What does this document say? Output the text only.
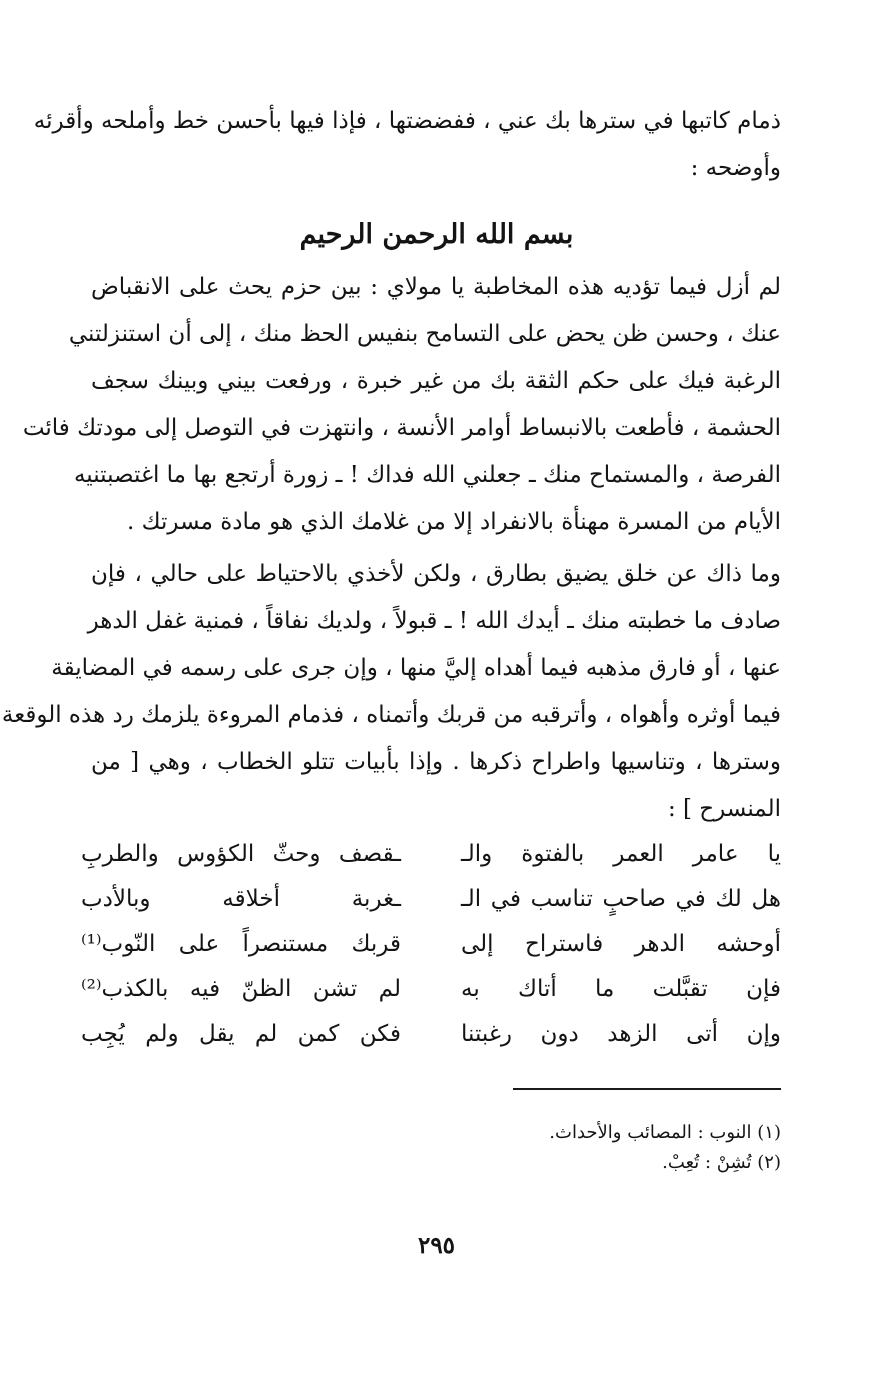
ذمام كاتبها في سترها بك عني ، ففضضتها ، فإذا فيها بأحسن خط وأملحه وأقرئه
وأوضحه :
بسم الله الرحمن الرحيم
لم أزل فيما تؤديه هذه المخاطبة يا مولاي : بين حزم يحث على الانقباض
عنك ، وحسن ظن يحض على التسامح بنفيس الحظ منك ، إلى أن استنزلتني
الرغبة فيك على حكم الثقة بك من غير خبرة ، ورفعت بيني وبينك سجف
الحشمة ، فأطعت بالانبساط أوامر الأنسة ، وانتهزت في التوصل إلى مودتك فائت
الفرصة ، والمستماح منك ـ جعلني الله فداك ! ـ زورة أرتجع بها ما اغتصبتنيه
الأيام من المسرة مهنأة بالانفراد إلا من غلامك الذي هو مادة مسرتك .
وما ذاك عن خلق يضيق بطارق ، ولكن لأخذي بالاحتياط على حالي ، فإن
صادف ما خطبته منك ـ أيدك الله ! ـ قبولاً ، ولديك نفاقاً ، فمنية غفل الدهر
عنها ، أو فارق مذهبه فيما أهداه إليَّ منها ، وإن جرى على رسمه في المضايقة
فيما أوثره وأهواه ، وأترقبه من قربك وأتمناه ، فذمام المروءة يلزمك رد هذه الوقعة
وسترها ، وتناسيها واطراح ذكرها . وإذا بأبيات تتلو الخطاب ، وهي [ من
المنسرح ] :
يا عامر العمر بالفتوة والـ
ـقصف وحثّ الكؤوس والطربِ
هل لك في صاحبٍ تناسب في الـ
ـغربة أخلاقه وبالأدب
أوحشه الدهر فاستراح إلى
قربك مستنصراً على النّوب⁽¹⁾
فإن تقبَّلت ما أتاك به
لم تشن الظنّ فيه بالكذب⁽²⁾
وإن أتى الزهد دون رغبتنا
فكن كمن لم يقل ولم يُجِب
(١) النوب : المصائب والأحداث.
(٢) تُشِنْ : تُعِبْ.
٢٩٥
